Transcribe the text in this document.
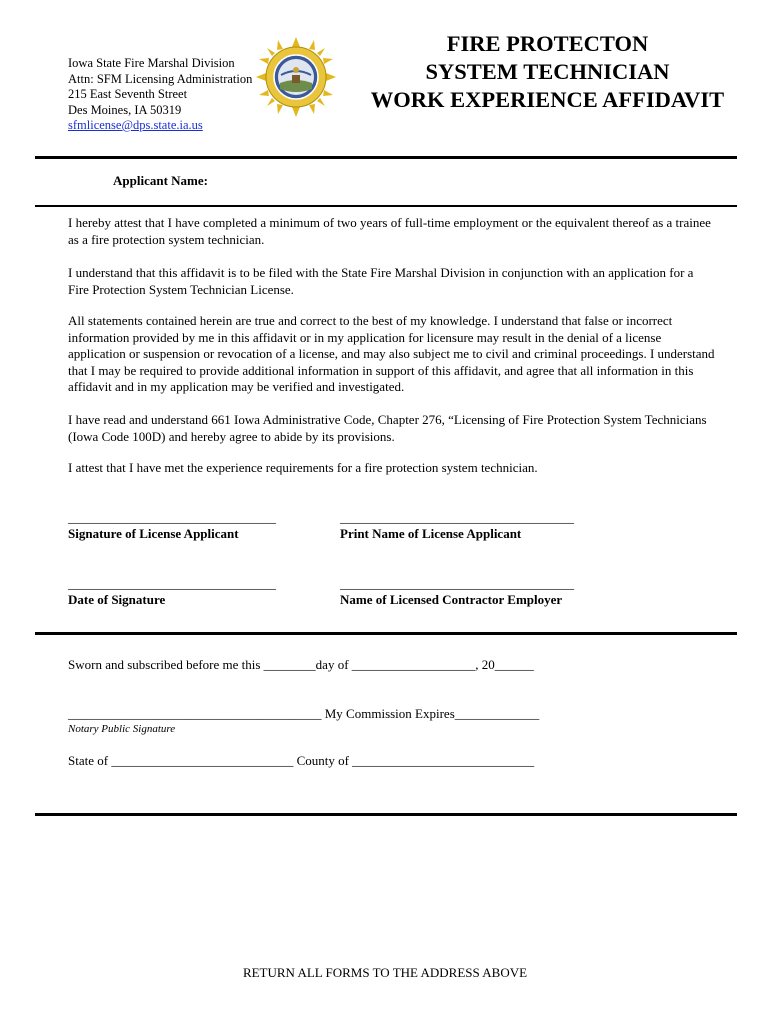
Iowa State Fire Marshal Division
Attn: SFM Licensing Administration
215 East Seventh Street
Des Moines, IA 50319
sfmlicense@dps.state.ia.us
FIRE PROTECTON
SYSTEM TECHNICIAN
WORK EXPERIENCE AFFIDAVIT
Applicant Name:

I hereby attest that I have completed a minimum of two years of full-time employment or the equivalent thereof as a trainee as a fire protection system technician.

I understand that this affidavit is to be filed with the State Fire Marshal Division in conjunction with an application for a Fire Protection System Technician License.

All statements contained herein are true and correct to the best of my knowledge. I understand that false or incorrect information provided by me in this affidavit or in my application for licensure may result in the denial of a license application or suspension or revocation of a license, and may also subject me to civil and criminal proceedings. I understand that I may be required to provide additional information in support of this affidavit, and agree that all information in this affidavit and in my application may be verified and investigated.

I have read and understand 661 Iowa Administrative Code, Chapter 276, “Licensing of Fire Protection System Technicians (Iowa Code 100D) and hereby agree to abide by its provisions.

I attest that I have met the experience requirements for a fire protection system technician.

________________________________
Signature of License Applicant
____________________________________
Print Name of License Applicant
________________________________
Date of Signature
____________________________________
Name of Licensed Contractor Employer
Sworn and subscribed before me this ________day of ___________________, 20______
_______________________________________ My Commission Expires_____________
Notary Public Signature
State of ____________________________ County of ____________________________
RETURN ALL FORMS TO THE ADDRESS ABOVE
